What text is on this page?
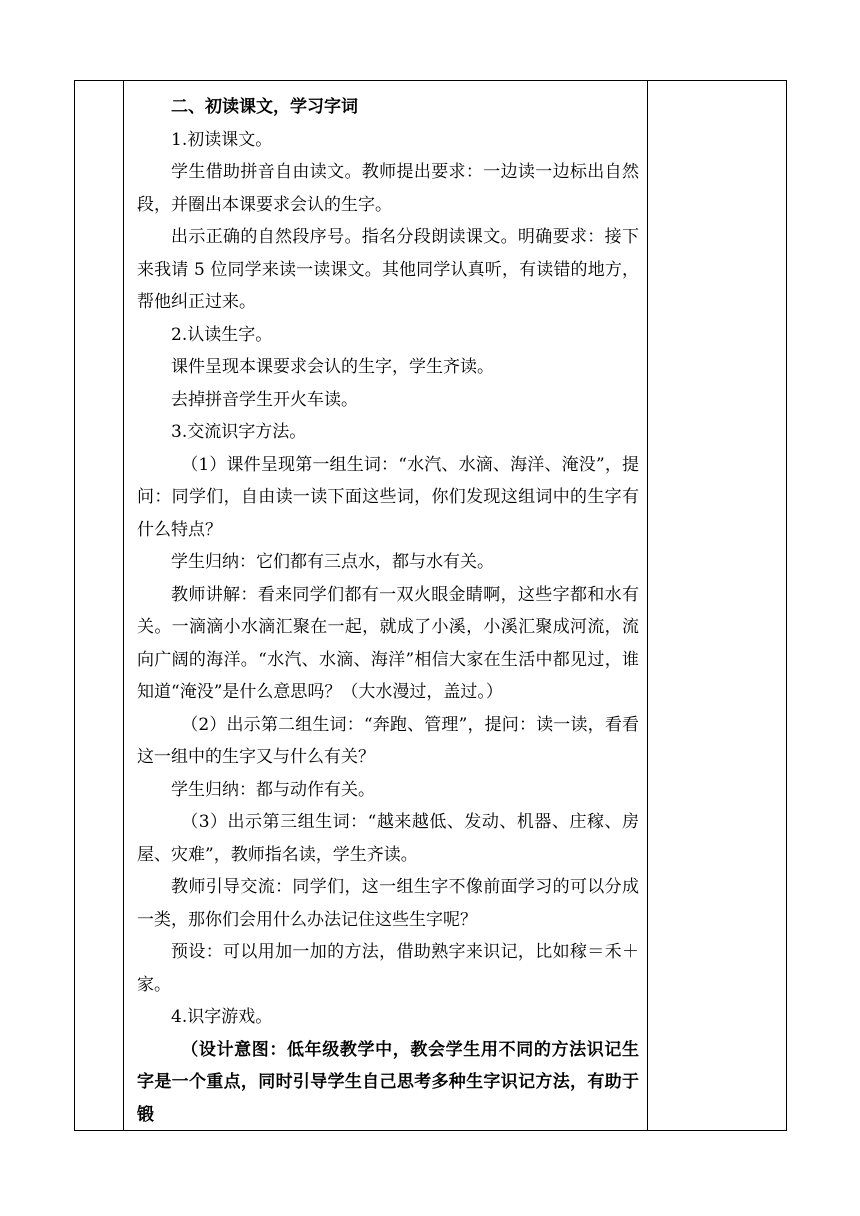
二、初读课文，学习字词

1.初读课文。

学生借助拼音自由读文。教师提出要求：一边读一边标出自然段，并圈出本课要求会认的生字。

出示正确的自然段序号。指名分段朗读课文。明确要求：接下来我请 5 位同学来读一读课文。其他同学认真听，有读错的地方，帮他纠正过来。

2.认读生字。

课件呈现本课要求会认的生字，学生齐读。

去掉拼音学生开火车读。

3.交流识字方法。

（1）课件呈现第一组生词：“水汽、水滴、海洋、淹没”，提问：同学们，自由读一读下面这些词，你们发现这组词中的生字有什么特点？

学生归纳：它们都有三点水，都与水有关。

教师讲解：看来同学们都有一双火眼金睛啊，这些字都和水有关。一滴滴小水滴汇聚在一起，就成了小溪，小溪汇聚成河流，流向广阔的海洋。“水汽、水滴、海洋”相信大家在生活中都见过，谁知道“淹没”是什么意思吗？（大水漫过，盖过。）

（2）出示第二组生词：“奔跑、管理”，提问：读一读，看看这一组中的生字又与什么有关？

学生归纳：都与动作有关。

（3）出示第三组生词：“越来越低、发动、机器、庄稼、房屋、灾难”，教师指名读，学生齐读。

教师引导交流：同学们，这一组生字不像前面学习的可以分成一类，那你们会用什么办法记住这些生字呢？

预设：可以用加一加的方法，借助熟字来识记，比如稼＝禾＋家。

4.识字游戏。

（设计意图：低年级教学中，教会学生用不同的方法识记生字是一个重点，同时引导学生自己思考多种生字识记方法，有助于锻
